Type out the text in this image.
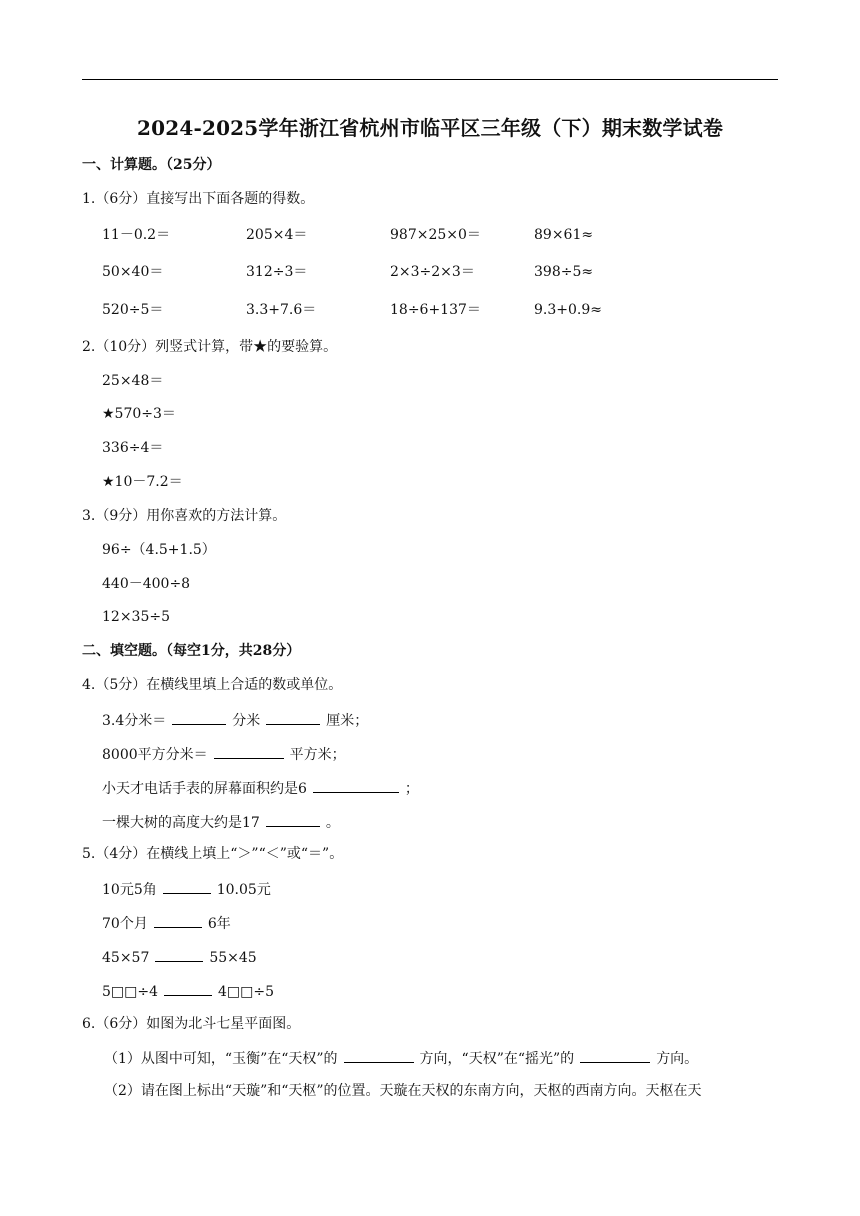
2024-2025学年浙江省杭州市临平区三年级（下）期末数学试卷
一、计算题。（25分）
1.（6分）直接写出下面各题的得数。
11－0.2＝	205×4＝	987×25×0＝	89×61≈
50×40＝	312÷3＝	2×3÷2×3＝	398÷5≈
520÷5＝	3.3+7.6＝	18÷6+137＝	9.3+0.9≈
2.（10分）列竖式计算，带★的要验算。
25×48＝
★570÷3＝
336÷4＝
★10－7.2＝
3.（9分）用你喜欢的方法计算。
96÷（4.5+1.5）
440－400÷8
12×35÷5
二、填空题。（每空1分，共28分）
4.（5分）在横线里填上合适的数或单位。
3.4分米＝	分米	厘米；
8000平方分米＝	平方米；
小天才电话手表的屏幕面积约是6	；
一棵大树的高度大约是17	。
5.（4分）在横线上填上“＞”“＜”或“＝”。
10元5角	10.05元
70个月	6年
45×57	55×45
5□□÷4	4□□÷5
6.（6分）如图为北斗七星平面图。
（1）从图中可知，“玉衡”在“天权”的	方向，“天权”在“摇光”的	方向。
（2）请在图上标出“天璇”和“天枢”的位置。天璇在天权的东南方向，天枢的西南方向。天枢在天
